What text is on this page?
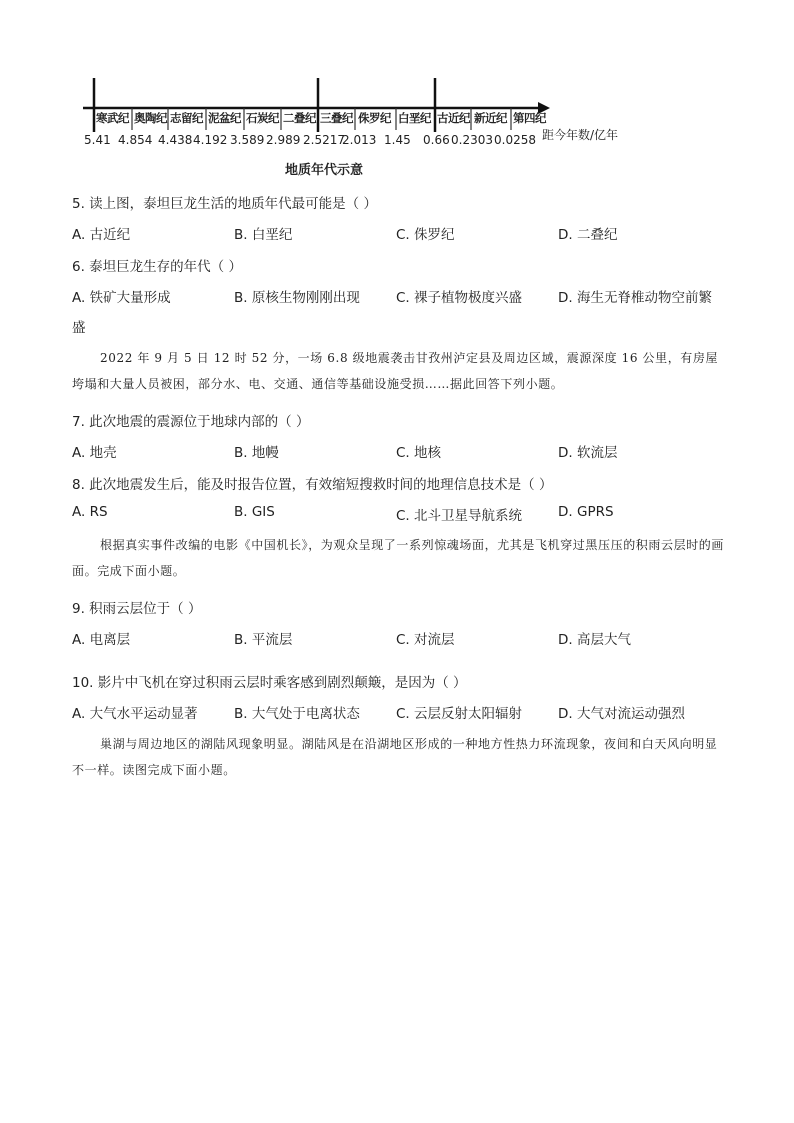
寒武纪 奥陶纪 志留纪 泥盆纪 石炭纪 二叠纪 三叠纪 侏罗纪 白垩纪 古近纪 新近纪 第四纪
5.41 4.854 4.438 4.192 3.589 2.989 2.5217
2.013 1.45 0.66 0.2303 0.0258 距今年数/亿年
地质年代示意
5. 读上图，泰坦巨龙生活的地质年代最可能是（ ）
A. 古近纪	B. 白垩纪	C. 侏罗纪	D. 二叠纪
6. 泰坦巨龙生存的年代（ ）
A. 铁矿大量形成	B. 原核生物刚刚出现	C. 裸子植物极度兴盛	D. 海生无脊椎动物空前繁
盛
2022 年 9 月 5 日 12 时 52 分，一场 6.8 级地震袭击甘孜州泸定县及周边区域，震源深度 16 公里，有房屋垮塌和大量人员被困，部分水、电、交通、通信等基础设施受损……据此回答下列小题。
7. 此次地震的震源位于地球内部的（ ）
A. 地壳	B. 地幔	C. 地核	D. 软流层
8. 此次地震发生后，能及时报告位置，有效缩短搜救时间的地理信息技术是（ ）
A. RS	B. GIS	C. 北斗卫星导航系统	D. GPRS
根据真实事件改编的电影《中国机长》，为观众呈现了一系列惊魂场面，尤其是飞机穿过黑压压的积雨云层时的画面。完成下面小题。
9. 积雨云层位于（ ）
A. 电离层	B. 平流层	C. 对流层	D. 高层大气
10. 影片中飞机在穿过积雨云层时乘客感到剧烈颠簸，是因为（ ）
A. 大气水平运动显著	B. 大气处于电离状态	C. 云层反射太阳辐射	D. 大气对流运动强烈
巢湖与周边地区的湖陆风现象明显。湖陆风是在沿湖地区形成的一种地方性热力环流现象，夜间和白天风向明显不一样。读图完成下面小题。
